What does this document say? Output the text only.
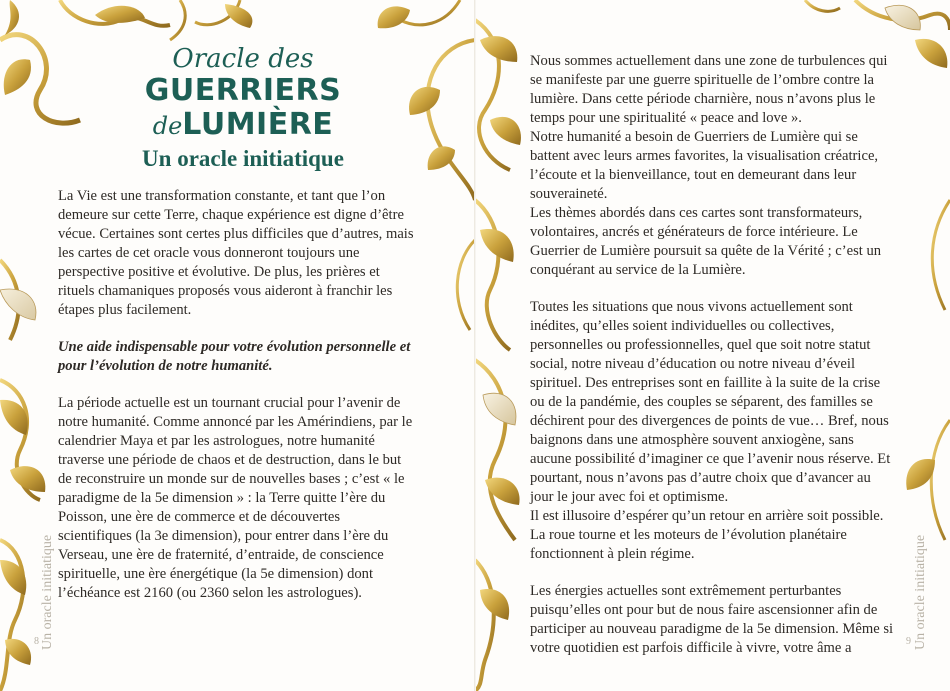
Oracle des
GUERRIERS
deLUMIÈRE
Un oracle initiatique

La Vie est une transformation constante, et tant que l’on demeure sur cette Terre, chaque expérience est digne d’être vécue. Certaines sont certes plus difficiles que d’autres, mais les cartes de cet oracle vous donneront toujours une perspective positive et évolutive. De plus, les prières et rituels chamaniques proposés vous aideront à franchir les étapes plus facilement.

Une aide indispensable pour votre évolution personnelle et pour l’évolution de notre humanité.

La période actuelle est un tournant crucial pour l’avenir de notre humanité. Comme annoncé par les Amérindiens, par le calendrier Maya et par les astrologues, notre humanité traverse une période de chaos et de destruction, dans le but de reconstruire un monde sur de nouvelles bases ; c’est « le paradigme de la 5e dimension » : la Terre quitte l’ère du Poisson, une ère de commerce et de découvertes scientifiques (la 3e dimension), pour entrer dans l’ère du Verseau, une ère de fraternité, d’entraide, de conscience spirituelle, une ère énergétique (la 5e dimension) dont l’échéance est 2160 (ou 2360 selon les astrologues).

Un oracle initiatique
8

Nous sommes actuellement dans une zone de turbulences qui se manifeste par une guerre spirituelle de l’ombre contre la lumière. Dans cette période charnière, nous n’avons plus le temps pour une spiritualité « peace and love ».

Notre humanité a besoin de Guerriers de Lumière qui se battent avec leurs armes favorites, la visualisation créatrice, l’écoute et la bienveillance, tout en demeurant dans leur souveraineté.

Les thèmes abordés dans ces cartes sont transformateurs, volontaires, ancrés et générateurs de force intérieure. Le Guerrier de Lumière poursuit sa quête de la Vérité ; c’est un conquérant au service de la Lumière.

Toutes les situations que nous vivons actuellement sont inédites, qu’elles soient individuelles ou collectives, personnelles ou professionnelles, quel que soit notre statut social, notre niveau d’éducation ou notre niveau d’éveil spirituel. Des entreprises sont en faillite à la suite de la crise ou de la pandémie, des couples se séparent, des familles se déchirent pour des divergences de points de vue… Bref, nous baignons dans une atmosphère souvent anxiogène, sans aucune possibilité d’imaginer ce que l’avenir nous réserve. Et pourtant, nous n’avons pas d’autre choix que d’avancer au jour le jour avec foi et optimisme.

Il est illusoire d’espérer qu’un retour en arrière soit possible. La roue tourne et les moteurs de l’évolution planétaire fonctionnent à plein régime.

Les énergies actuelles sont extrêmement perturbantes puisqu’elles ont pour but de nous faire ascensionner afin de participer au nouveau paradigme de la 5e dimension. Même si votre quotidien est parfois difficile à vivre, votre âme a	Un oracle initiatique
9
